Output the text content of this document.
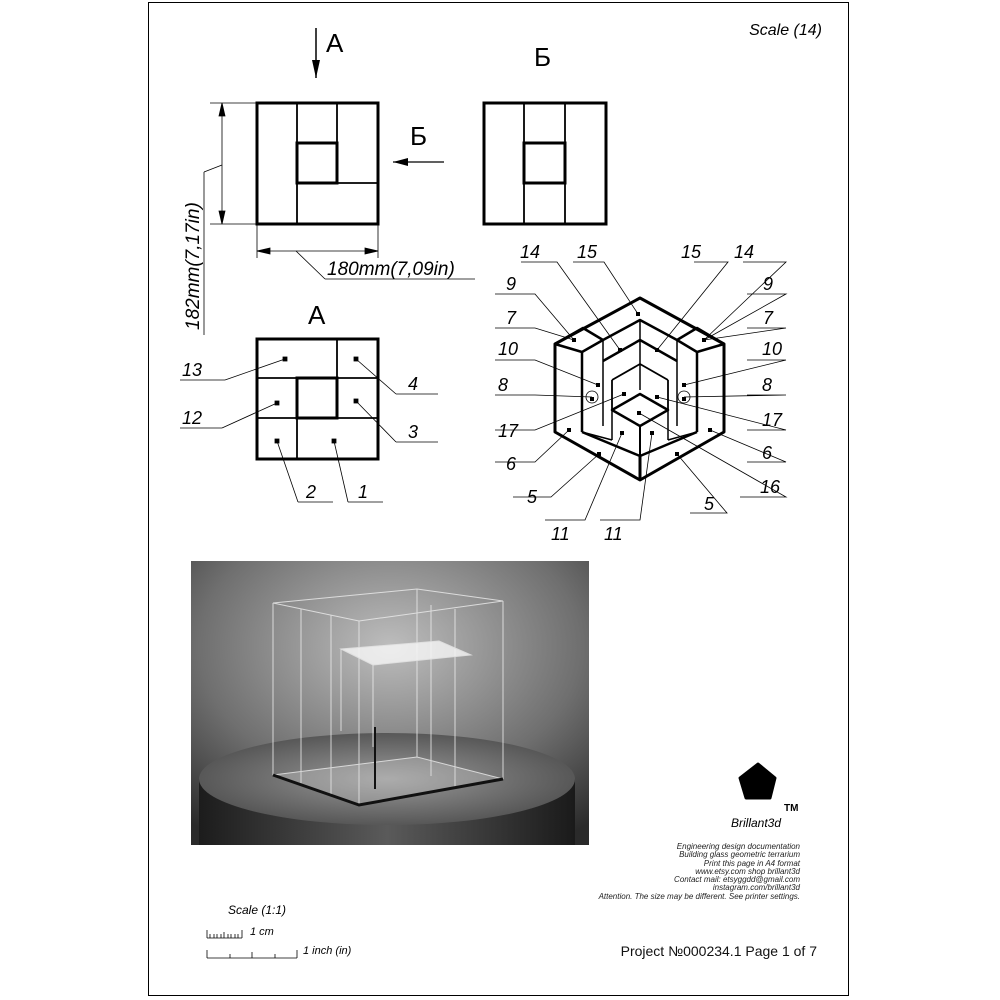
Scale (14)
А	Б
Б
182mm(7,17in)	180mm(7,09in)
А
13
12
2 1
4
3
14 15
9
7
10
8
17
6
5
11 11
15 14
9
7
10
8
17
6
16
5
TM
Brillant3d
Engineering design documentation
Building glass geometric terrarium
Print this page in A4 format
www.etsy.com shop brillant3d
Contact mail: etsyggdd@gmail.com
instagram.com/brillant3d
Attention. The size may be different. See printer settings.
Project №000234.1 Page 1 of 7
Scale (1:1)
1 cm
1 inch (in)
